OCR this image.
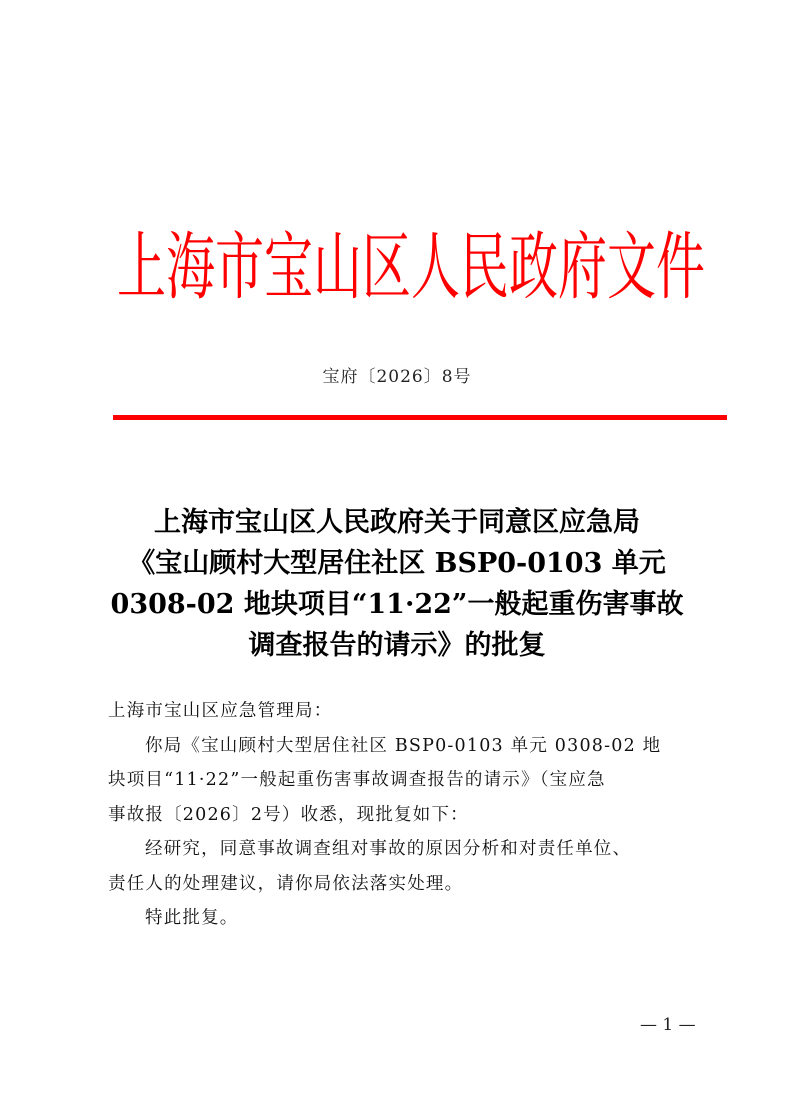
上海市宝山区人民政府文件
宝府〔2026〕8号
上海市宝山区人民政府关于同意区应急局
《宝山顾村大型居住社区 BSP0-0103 单元
0308-02 地块项目“11·22”一般起重伤害事故
调查报告的请示》的批复

上海市宝山区应急管理局：

你局《宝山顾村大型居住社区 BSP0-0103 单元 0308-02 地

块项目“11·22”一般起重伤害事故调查报告的请示》（宝应急

事故报〔2026〕2号）收悉，现批复如下：

经研究，同意事故调查组对事故的原因分析和对责任单位、

责任人的处理建议，请你局依法落实处理。

特此批复。

— 1 —
